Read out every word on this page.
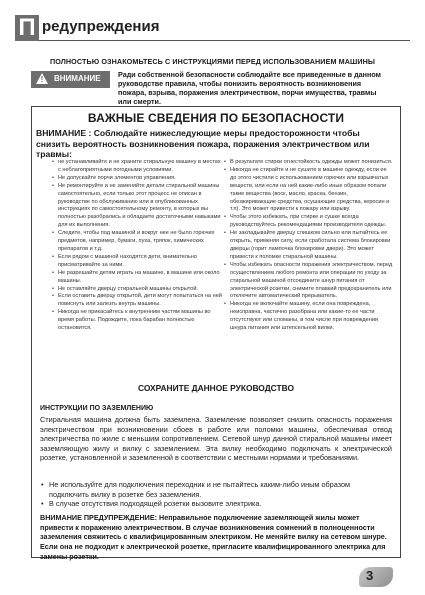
П редупреждения
ПОЛНОСТЬЮ ОЗНАКОМЬТЕСЬ С ИНСТРУКЦИЯМИ ПЕРЕД ИСПОЛЬЗОВАНИЕМ МАШИНЫ
! ВНИМАНИЕ Ради собственной безопасности соблюдайте все приведенные в данном руководстве правила, чтобы понизить вероятность возникновения пожара, взрыва, поражения электричеством, порчи имущества, травмы или смерти.
ВАЖНЫЕ СВЕДЕНИЯ ПО БЕЗОПАСНОСТИ
ВНИМАНИЕ : Соблюдайте нижеследующие меры предосторожности чтобы снизить вероятность возникновения пожара, поражения электричеством или травмы:
• не устанавливайте и не храните стиральную машину в местах с неблагоприятными погодными условиями.
• Не допускайте порчи элементов управления.
• Не ремонтируйте и не заменяйте детали стиральной машины самостоятельно, если только этот процесс не описан в руководстве по обслуживанию или в опубликованных инструкциях по самостоятельному ремонту, в которых вы полностью разобрались и обладаете достаточными навыками для их выполнения.
• Следите, чтобы под машиной и вокруг нее не было горючих предметов, например, бумаги, пуха, тряпок, химических препаратов и т.д.
• Если рядом с машиной находятся дети, внимательно присматривайте за ними.
• Не разрешайте детям играть на машине, в машине или около машины.
• Не оставляйте дверцу стиральной машины открытой.
• Если оставить дверцу открытой, дети могут попытаться на ней повиснуть или залезть внутрь машины.
• Никогда не прикасайтесь к внутренним частям машины во время работы. Подождите, пока барабан полностью остановится.
• В результате стирки огнестойкость одежды может понизиться.
• Никогда не стирайте и не сушите в машине одежду, если ее до этого чистили с использованием горючих или взрывчатых веществ, или если на ней какие-либо иные образом попали такие вещества (воск, масло, краска, бензин, обезжиривающие средства, осушающие средства, керосин и т.п). Это может привести к пожару или взрыву.
• Чтобы этого избежать, при стирке и сушке всегда руководствуйтесь рекомендациями производителя одежды.
• Не закладывайте дверцу слишком сильно или пытайтесь ее открыть, применяя силу, если сработала система блокировки дверцы (горит лампочка блокировки двери). Это может привести к поломке стиральной машины.
• Чтобы избежать опасности поражения электричеством, перед осуществлением любого ремонта или операции по уходу за стиральной машиной отсоедините шнур питания от электрической розетки, снимите плавкий предохранитель или отключите автоматический прерыватель.
• Никогда не включайте машину, если она повреждена, неисправна, частично разобрана или какие-то ее части отсутствуют или сломаны, в том числе при повреждении шнура питания или штепсельной вилки.
СОХРАНИТЕ ДАННОЕ РУКОВОДСТВО
ИНСТРУКЦИИ ПО ЗАЗЕМЛЕНИЮ
Стиральная машина должна быть заземлена. Заземление позволяет снизить опасность поражения электричеством при возникновении сбоев в работе или поломки машины, обеспечивая отвод электричества по жиле с меньшим сопротивлением. Сетевой шнур данной стиральной машины имеет заземляющую жилу и вилку с заземлением. Эта вилку необходимо подключать к электрической розетке, установленной и заземленной в соответствии с местными нормами и требованиями.
• Не используйте для подключения переходник и не пытайтесь каким-либо иным образом подключить вилку в розетке без заземления.
• В случае отсутствия подходящей розетки вызовите электрика.
ВНИМАНИЕ ПРЕДУПРЕЖДЕНИЕ: Неправильное подключение заземляющей жилы может привести к поражению электричеством. В случае возникновения сомнений в полноценности заземления свяжитесь с квалифицированным электриком. Не меняйте вилку на сетевом шнуре. Если она не подходит к электрической розетке, пригласите квалифицированного электрика для замены розетки.
3
